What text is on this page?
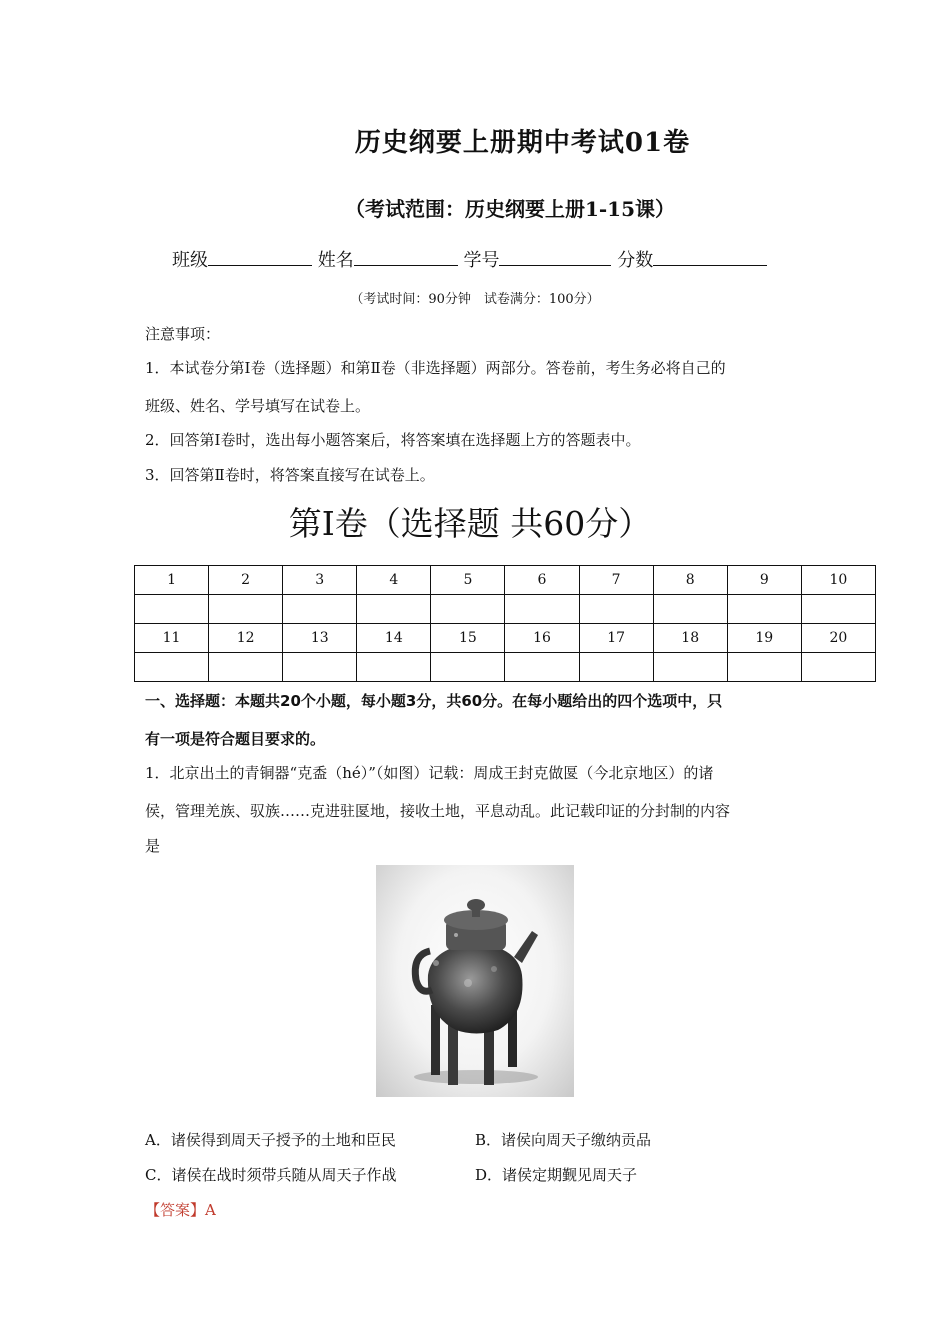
历史纲要上册期中考试01卷
（考试范围：历史纲要上册1-15课）
班级	姓名	学号	分数
（考试时间：90分钟　试卷满分：100分）
注意事项：
1．本试卷分第Ⅰ卷（选择题）和第Ⅱ卷（非选择题）两部分。答卷前，考生务必将自己的
班级、姓名、学号填写在试卷上。
2．回答第Ⅰ卷时，选出每小题答案后，将答案填在选择题上方的答题表中。
3．回答第Ⅱ卷时，将答案直接写在试卷上。
第Ⅰ卷（选择题 共60分）
1	2	3	4	5	6	7	8	9	10

11	12	13	14	15	16	17	18	19	20

一、选择题：本题共20个小题，每小题3分，共60分。在每小题给出的四个选项中，只
有一项是符合题目要求的。
1．北京出土的青铜器“克盉（hé）”（如图）记载：周成王封克做匽（今北京地区）的诸
侯，管理羌族、驭族……克进驻匽地，接收土地，平息动乱。此记载印证的分封制的内容
是
A．诸侯得到周天子授予的土地和臣民	B．诸侯向周天子缴纳贡品
C．诸侯在战时须带兵随从周天子作战	D．诸侯定期觐见周天子
【答案】A
